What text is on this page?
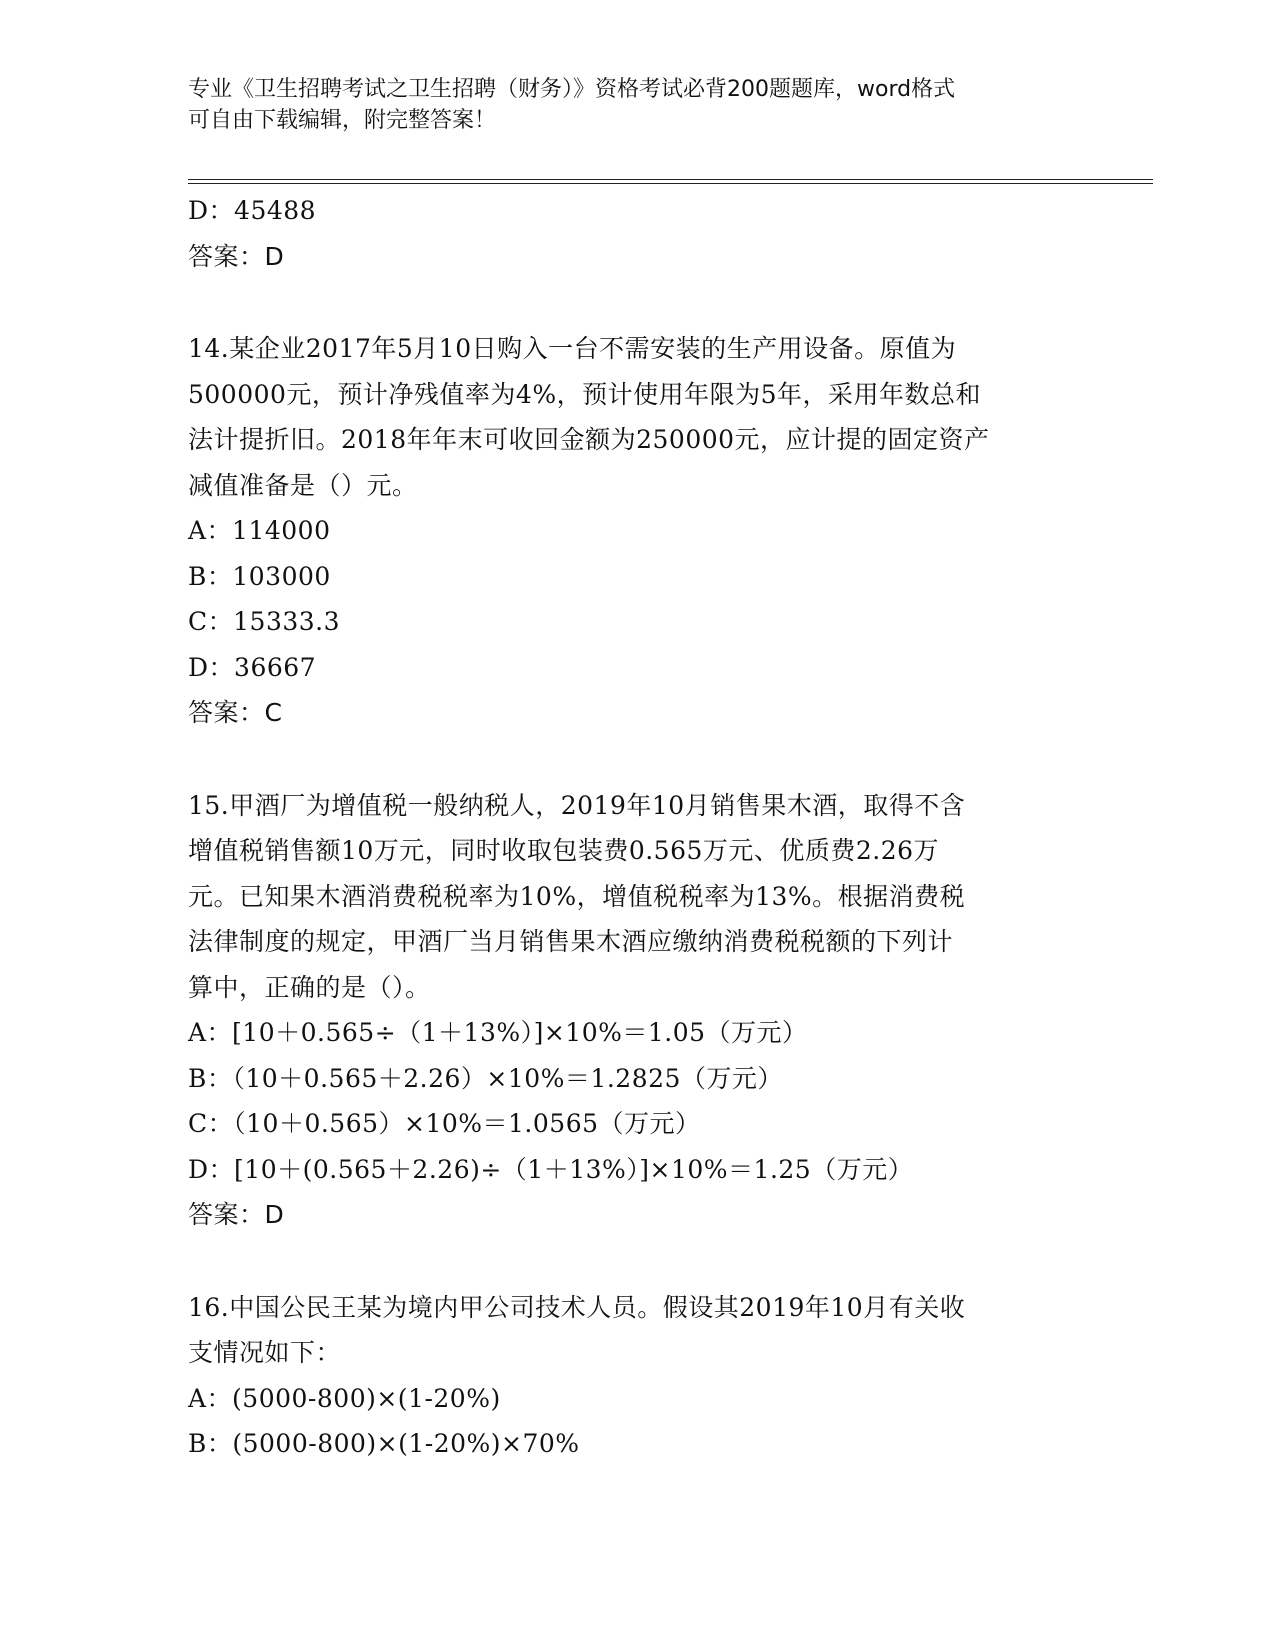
专业《卫生招聘考试之卫生招聘（财务）》资格考试必背200题题库，word格式
可自由下载编辑，附完整答案！
D：45488
答案：D
14.某企业2017年5月10日购入一台不需安装的生产用设备。原值为
500000元，预计净残值率为4%，预计使用年限为5年，采用年数总和
法计提折旧。2018年年末可收回金额为250000元，应计提的固定资产
减值准备是（）元。
A：114000
B：103000
C：15333.3
D：36667
答案：C
15.甲酒厂为增值税一般纳税人，2019年10月销售果木酒，取得不含
增值税销售额10万元，同时收取包装费0.565万元、优质费2.26万
元。已知果木酒消费税税率为10%，增值税税率为13%。根据消费税
法律制度的规定，甲酒厂当月销售果木酒应缴纳消费税税额的下列计
算中，正确的是（）。
A：[10＋0.565÷（1＋13%）]×10%＝1.05（万元）
B：（10＋0.565＋2.26）×10%＝1.2825（万元）
C：（10＋0.565）×10%＝1.0565（万元）
D：[10＋(0.565＋2.26)÷（1＋13%）]×10%＝1.25（万元）
答案：D
16.中国公民王某为境内甲公司技术人员。假设其2019年10月有关收
支情况如下：
A：(5000-800)×(1-20%)
B：(5000-800)×(1-20%)×70%
